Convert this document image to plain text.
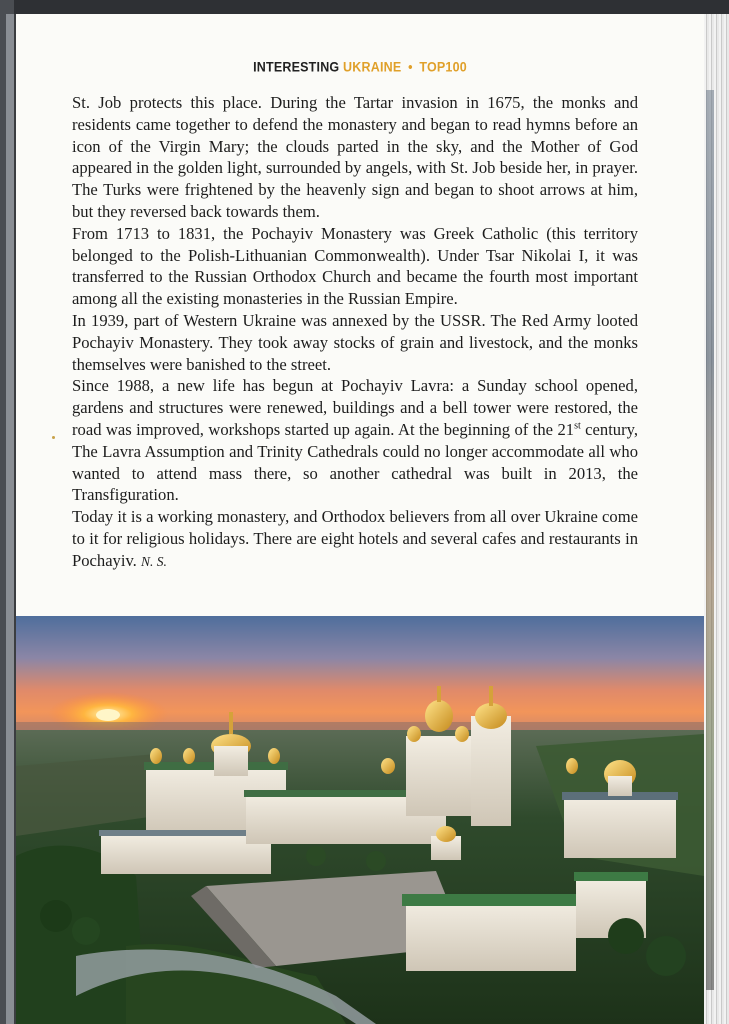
INTERESTING UKRAINE • TOP100

St. Job protects this place. During the Tartar invasion in 1675, the monks and residents came together to defend the monastery and began to read hymns before an icon of the Virgin Mary; the clouds parted in the sky, and the Mother of God appeared in the golden light, surrounded by angels, with St. Job beside her, in prayer. The Turks were frightened by the heavenly sign and began to shoot arrows at him, but they reversed back towards them.

From 1713 to 1831, the Pochayiv Monastery was Greek Catholic (this territory belonged to the Polish-Lithuanian Commonwealth). Under Tsar Nikolai I, it was transferred to the Russian Orthodox Church and became the fourth most important among all the existing monasteries in the Russian Empire.

In 1939, part of Western Ukraine was annexed by the USSR. The Red Army looted Pochayiv Monastery. They took away stocks of grain and livestock, and the monks themselves were banished to the street.

Since 1988, a new life has begun at Pochayiv Lavra: a Sunday school opened, gardens and structures were renewed, buildings and a bell tower were restored, the road was improved, workshops started up again. At the beginning of the 21st century, The Lavra Assumption and Trinity Cathedrals could no longer accommodate all who wanted to attend mass there, so another cathedral was built in 2013, the Transfiguration.

Today it is a working monastery, and Orthodox believers from all over Ukraine come to it for religious holidays. There are eight hotels and several cafes and restaurants in Pochayiv. N. S.
